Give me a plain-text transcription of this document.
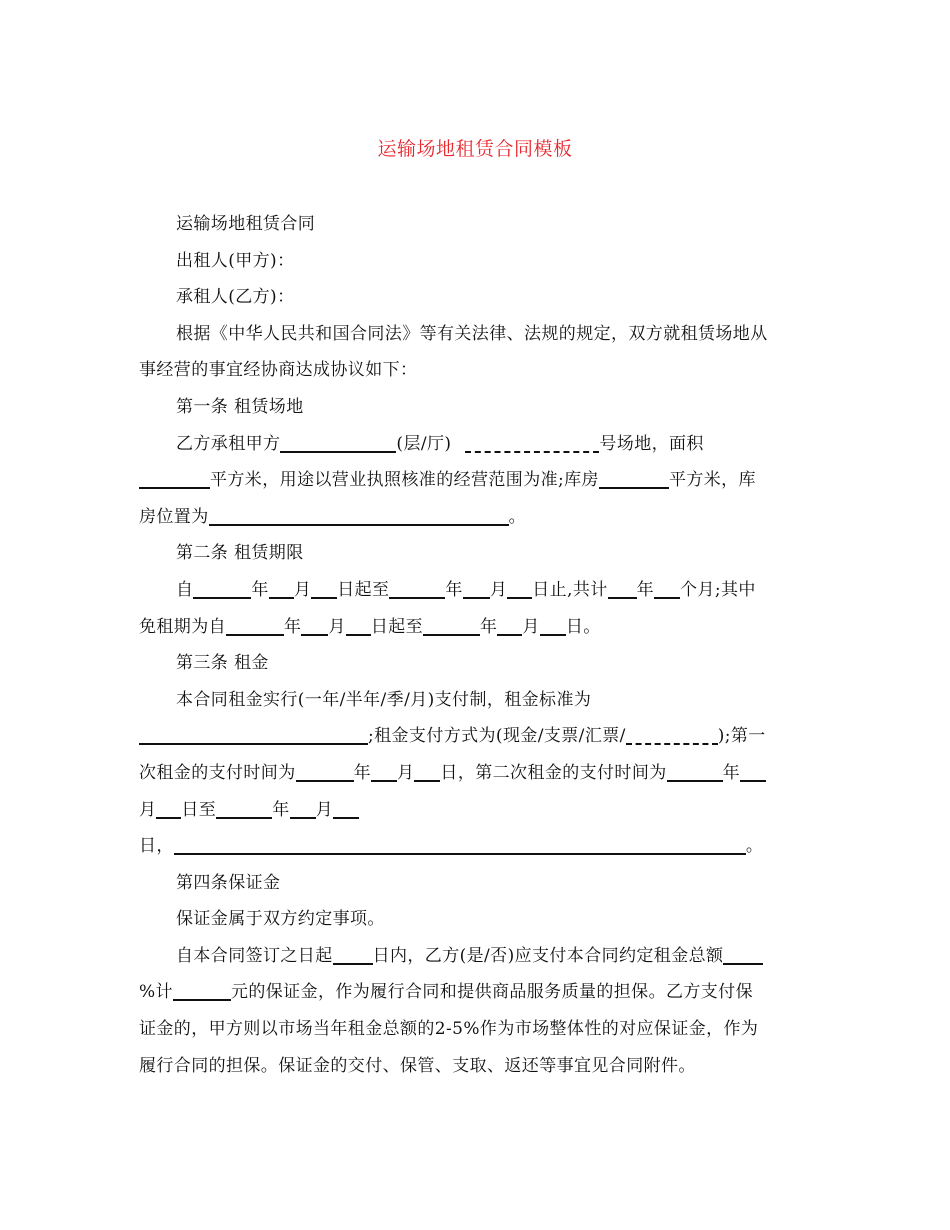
运输场地租赁合同模板
运输场地租赁合同
出租人(甲方)：
承租人(乙方)：
根据《中华人民共和国合同法》等有关法律、法规的规定，双方就租赁场地从
事经营的事宜经协商达成协议如下：
第一条 租赁场地
乙方承租甲方	(层/厅)	号场地，面积
平方米，用途以营业执照核准的经营范围为准;库房	平方米，库
房位置为	。
第二条 租赁期限
自	年 月 日起至	年 月 日止,共计 年 个月;其中
免租期为自	年 月 日起至	年 月 日。
第三条 租金
本合同租金实行(一年/半年/季/月)支付制，租金标准为
;租金支付方式为(现金/支票/汇票/	);第一
次租金的支付时间为	年 月 日，第二次租金的支付时间为	年
月 日至	年 月
日，	。
第四条保证金
保证金属于双方约定事项。
自本合同签订之日起 日内，乙方(是/否)应支付本合同约定租金总额
%计	元的保证金，作为履行合同和提供商品服务质量的担保。乙方支付保
证金的，甲方则以市场当年租金总额的2-5%作为市场整体性的对应保证金，作为
履行合同的担保。保证金的交付、保管、支取、返还等事宜见合同附件。
